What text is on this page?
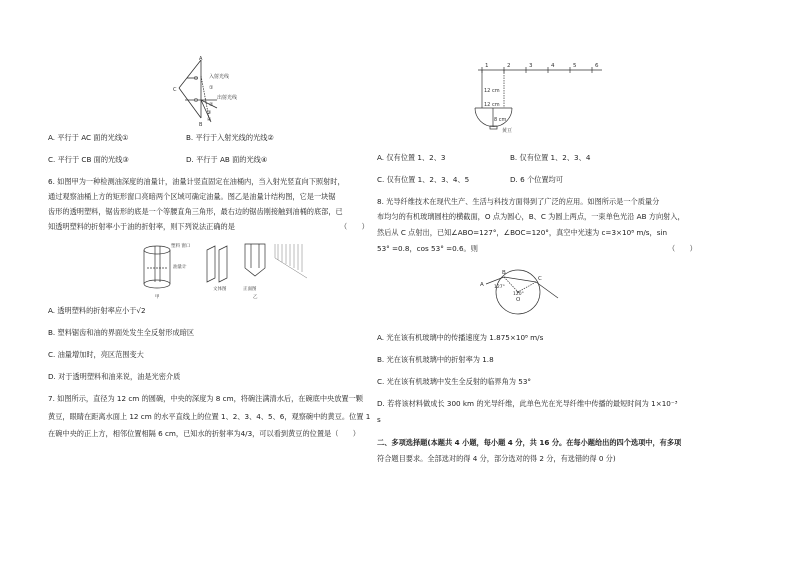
A
C
O
O
B
入射光线
出射光线
①
②
③
④
A. 平行于 AC 面的光线①	B. 平行于入射光线的光线②
C. 平行于 CB 面的光线③	D. 平行于 AB 面的光线④
6. 如图甲为一种检测油深度的油量计，油量计竖直固定在油桶内，当入射光竖直向下照射时，
通过观察油桶上方的矩形窗口亮暗两个区域可确定油量。图乙是油量计结构图，它是一块锯
齿形的透明塑料，锯齿形的底是一个等腰直角三角形，最右边的锯齿刚接触到油桶的底部，已
知透明塑料的折射率小于油的折射率，则下列说法正确的是	（　　）
塑料 窗口
油量计
文体图	正面图
甲	乙
A. 透明塑料的折射率应小于√2
B. 塑料锯齿和油的界面处发生全反射形成暗区
C. 油量增加时，亮区范围变大
D. 对于透明塑料和油来说，油是光密介质
7. 如图所示，直径为 12 cm 的圆碗，中央的深度为 8 cm，将碗注满清水后，在碗底中央放置一颗
黄豆，眼睛在距离水面上 12 cm 的水平直线上的位置 1、2、3、4、5、6，观察碗中的黄豆。位置 1
在碗中央的正上方，相邻位置相隔 6 cm，已知水的折射率为4/3，可以看到黄豆的位置是（　　）
1	2	3	4	5	6
12 cm
12 cm
8 cm
黄豆
A. 仅有位置 1、2、3	B. 仅有位置 1、2、3、4
C. 仅有位置 1、2、3、4、5	D. 6 个位置均可
8. 光导纤维技术在现代生产、生活与科技方面得到了广泛的应用。如图所示是一个质量分
布均匀的有机玻璃圆柱的横截面，O 点为圆心，B、C 为圆上两点，一束单色光沿 AB 方向射入，
然后从 C 点射出，已知∠ABO=127°，∠BOC=120°，真空中光速为 c=3×10⁸ m/s，sin
53° =0.8，cos 53° =0.6。则	（　　）
A
B
C
O
127°
120°
A. 光在该有机玻璃中的传播速度为 1.875×10⁸ m/s
B. 光在该有机玻璃中的折射率为 1.8
C. 光在该有机玻璃中发生全反射的临界角为 53°
D. 若将该材料做成长 300 km 的光导纤维，此单色光在光导纤维中传播的最短时间为 1×10⁻³
s
二、多项选择题(本题共 4 小题，每小题 4 分，共 16 分。在每小题给出的四个选项中，有多项
符合题目要求。全部选对的得 4 分，部分选对的得 2 分，有选错的得 0 分)
